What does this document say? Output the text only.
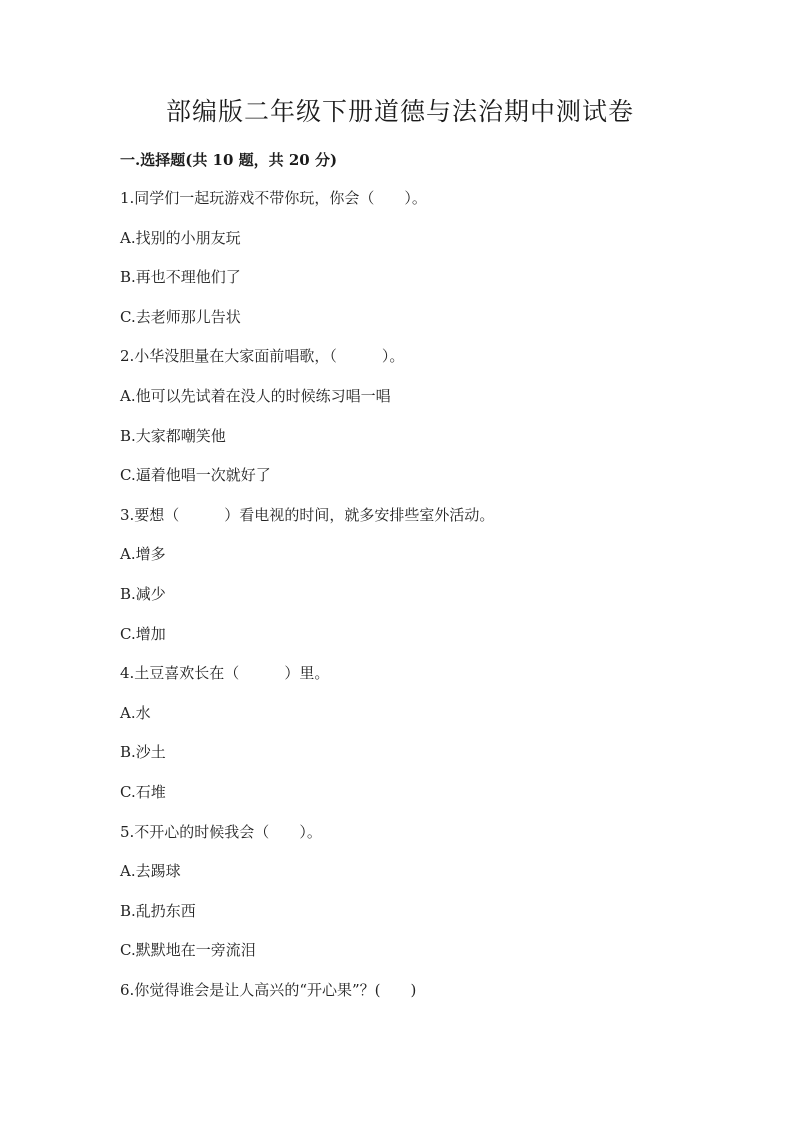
部编版二年级下册道德与法治期中测试卷

一.选择题(共 10 题，共 20 分)

1.同学们一起玩游戏不带你玩，你会（　　）。

A.找别的小朋友玩

B.再也不理他们了

C.去老师那儿告状

2.小华没胆量在大家面前唱歌，（　　　）。

A.他可以先试着在没人的时候练习唱一唱

B.大家都嘲笑他

C.逼着他唱一次就好了

3.要想（　　　）看电视的时间，就多安排些室外活动。

A.增多

B.减少

C.增加

4.土豆喜欢长在（　　　）里。

A.水

B.沙土

C.石堆

5.不开心的时候我会（　　）。

A.去踢球

B.乱扔东西

C.默默地在一旁流泪

6.你觉得谁会是让人高兴的“开心果”？(　　)
